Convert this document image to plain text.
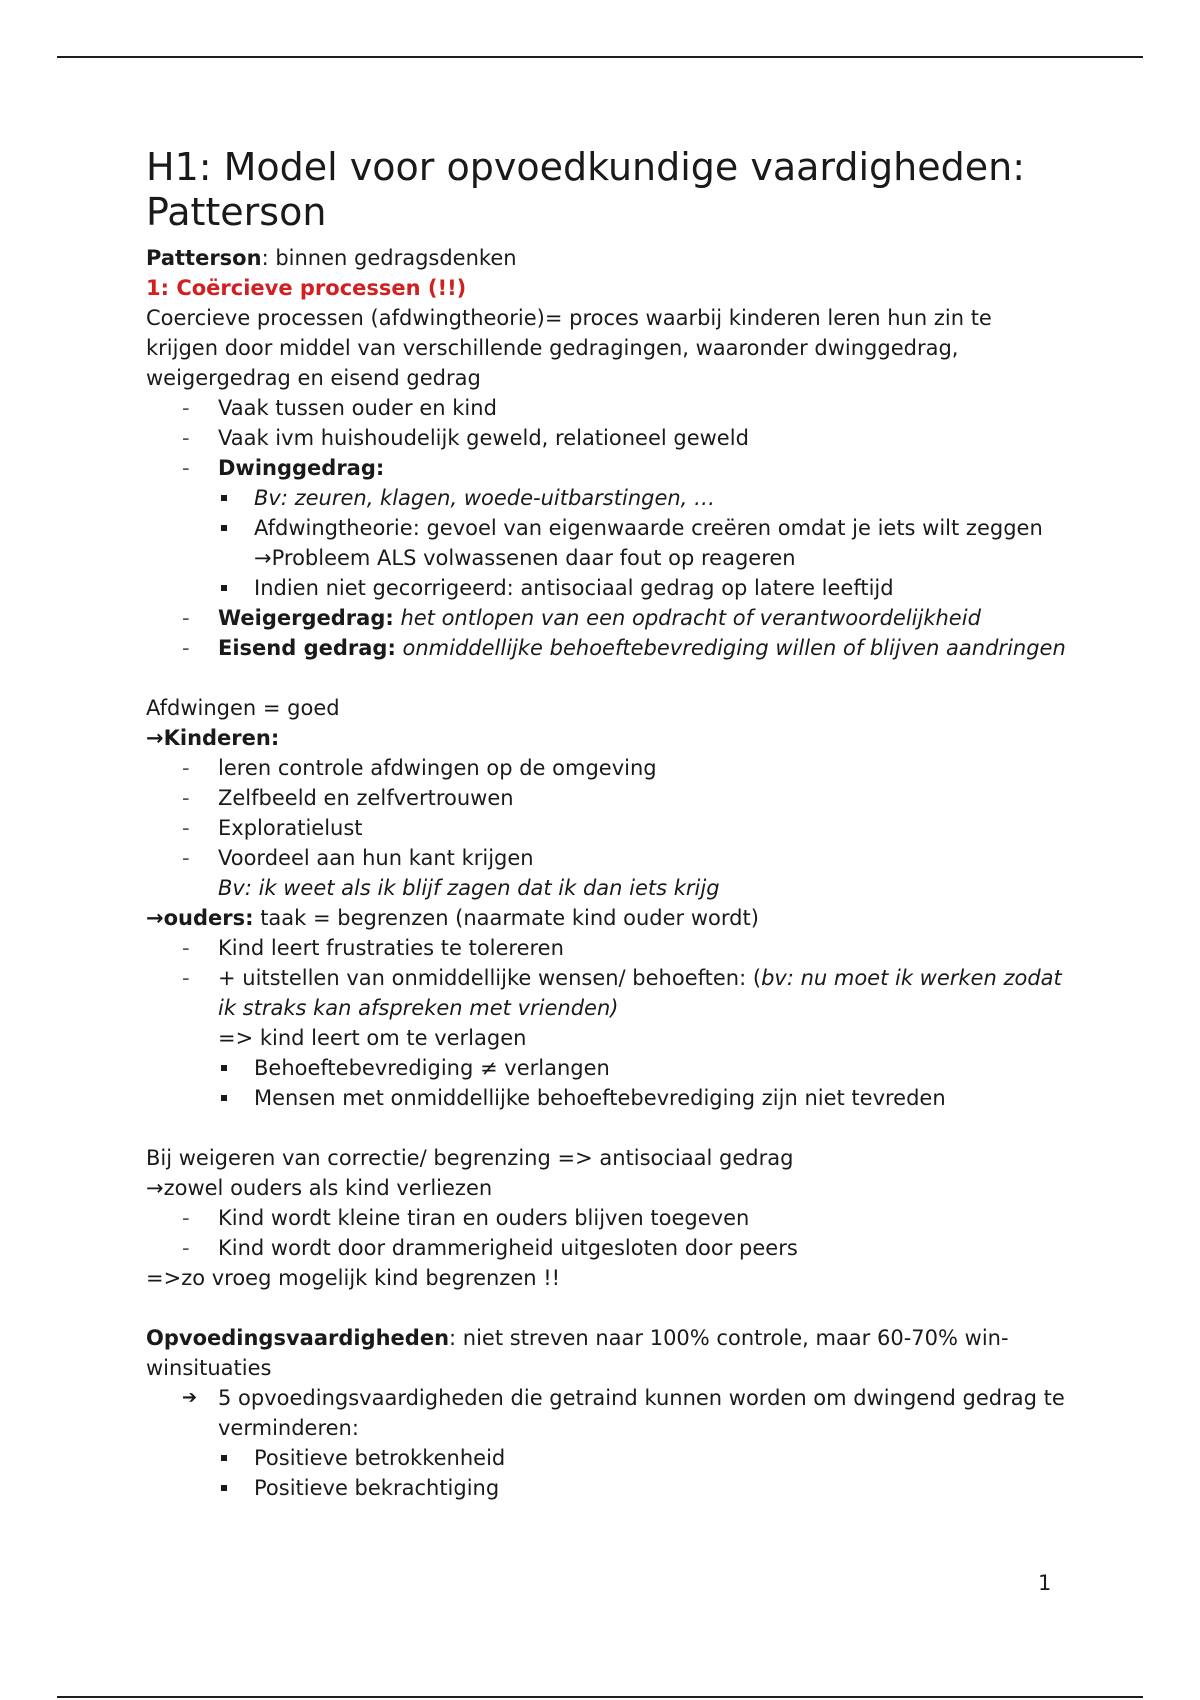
H1: Model voor opvoedkundige vaardigheden: Patterson

Patterson: binnen gedragsdenken

1: Coërcieve processen (!!)

Coercieve processen (afdwingtheorie)= proces waarbij kinderen leren hun zin te krijgen door middel van verschillende gedragingen, waaronder dwinggedrag, weigergedrag en eisend gedrag

- Vaak tussen ouder en kind
- Vaak ivm huishoudelijk geweld, relationeel geweld
- Dwinggedrag:
Bv: zeuren, klagen, woede-uitbarstingen, …
Afdwingtheorie: gevoel van eigenwaarde creëren omdat je iets wilt zeggen
→Probleem ALS volwassenen daar fout op reageren
Indien niet gecorrigeerd: antisociaal gedrag op latere leeftijd
- Weigergedrag: het ontlopen van een opdracht of verantwoordelijkheid
- Eisend gedrag: onmiddellijke behoeftebevrediging willen of blijven aandringen

Afdwingen = goed

→Kinderen:

- leren controle afdwingen op de omgeving
- Zelfbeeld en zelfvertrouwen
- Exploratielust
- Voordeel aan hun kant krijgen
Bv: ik weet als ik blijf zagen dat ik dan iets krijg

→ouders: taak = begrenzen (naarmate kind ouder wordt)

- Kind leert frustraties te tolereren
- + uitstellen van onmiddellijke wensen/ behoeften: (bv: nu moet ik werken zodat ik straks kan afspreken met vrienden)
=> kind leert om te verlagen
Behoeftebevrediging ≠ verlangen
Mensen met onmiddellijke behoeftebevrediging zijn niet tevreden

Bij weigeren van correctie/ begrenzing => antisociaal gedrag

→zowel ouders als kind verliezen

- Kind wordt kleine tiran en ouders blijven toegeven
- Kind wordt door drammerigheid uitgesloten door peers

=>zo vroeg mogelijk kind begrenzen !!

Opvoedingsvaardigheden: niet streven naar 100% controle, maar 60-70% win-winsituaties

➔ 5 opvoedingsvaardigheden die getraind kunnen worden om dwingend gedrag te verminderen:
Positieve betrokkenheid
Positieve bekrachtiging
1
